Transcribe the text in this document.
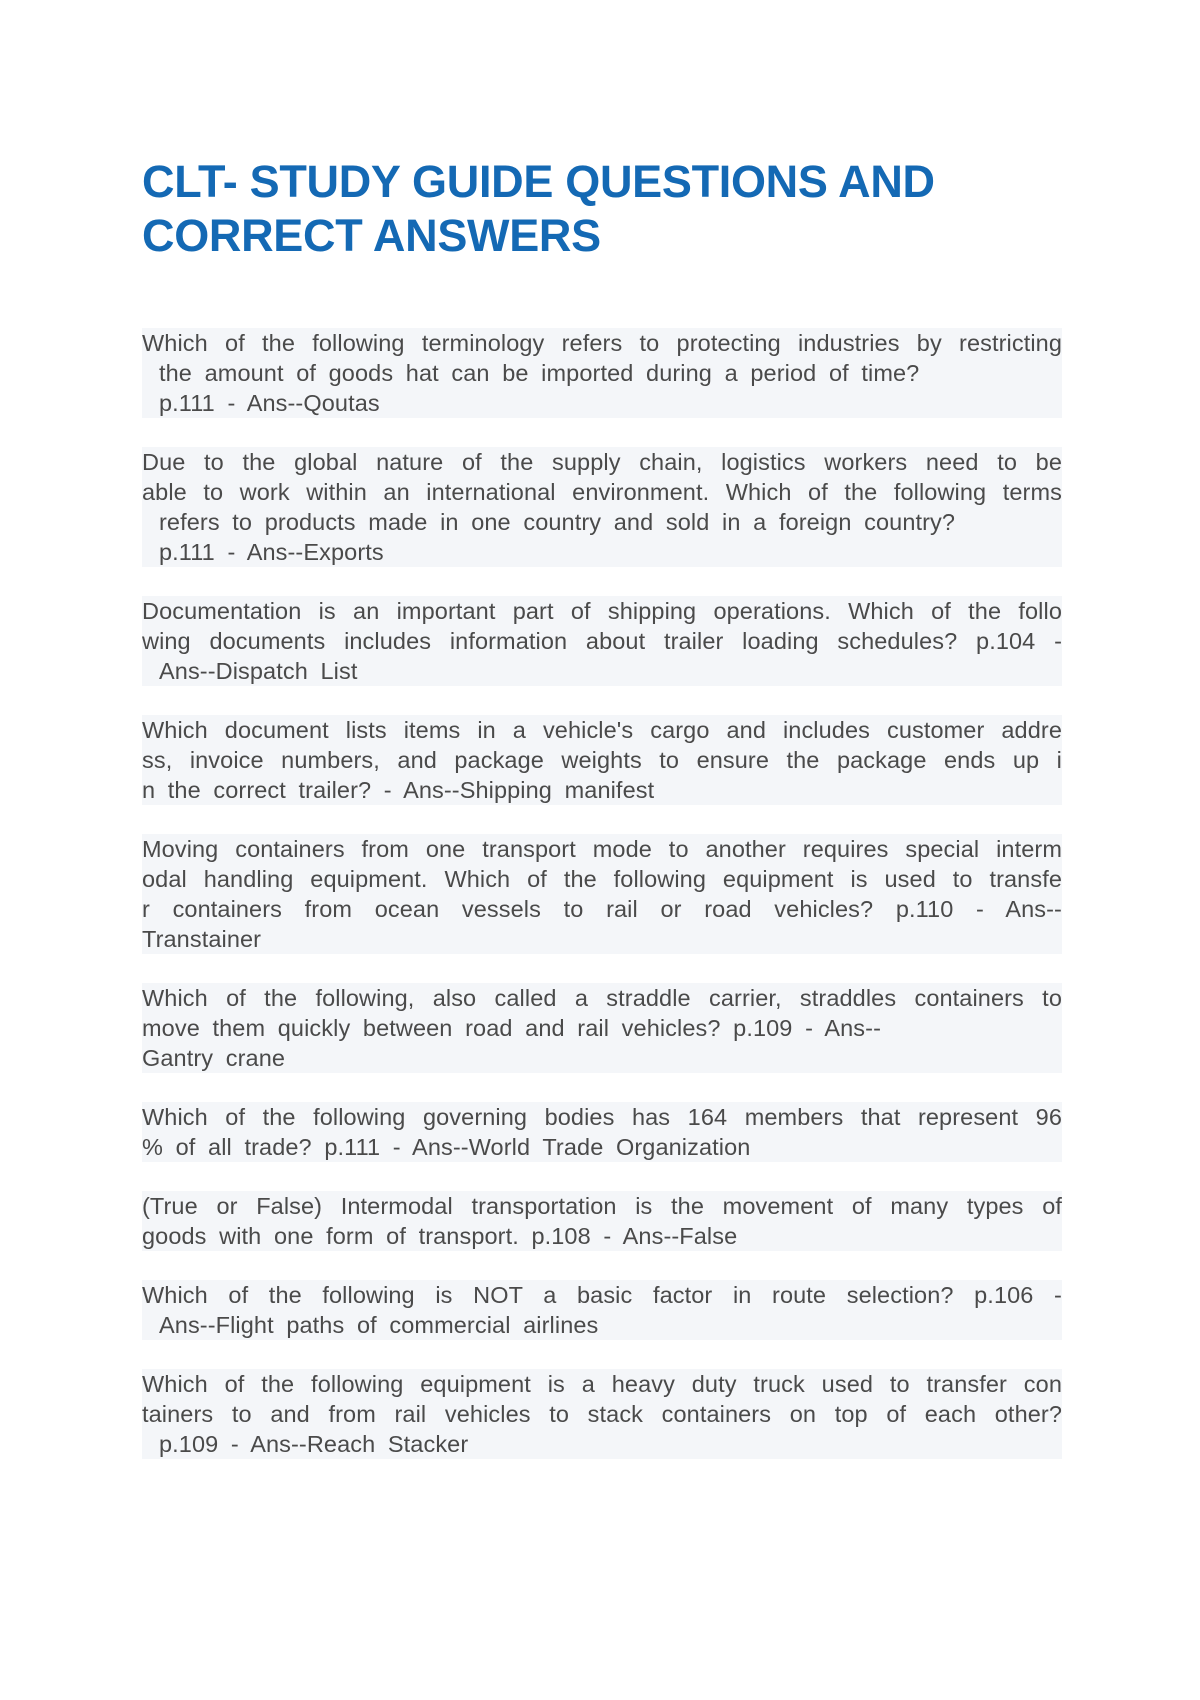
CLT- STUDY GUIDE QUESTIONS AND
CORRECT ANSWERS
Which of the following terminology refers to protecting industries by restricting
the amount of goods hat can be imported during a period of time?
p.111 - Ans--Qoutas
Due to the global nature of the supply chain, logistics workers need to be
able to work within an international environment. Which of the following terms
refers to products made in one country and sold in a foreign country?
p.111 - Ans--Exports
Documentation is an important part of shipping operations. Which of the follo
wing documents includes information about trailer loading schedules? p.104 -
Ans--Dispatch List
Which document lists items in a vehicle's cargo and includes customer addre
ss, invoice numbers, and package weights to ensure the package ends up i
n the correct trailer? - Ans--Shipping manifest
Moving containers from one transport mode to another requires special interm
odal handling equipment. Which of the following equipment is used to transfe
r containers from ocean vessels to rail or road vehicles? p.110 - Ans--
Transtainer
Which of the following, also called a straddle carrier, straddles containers to
move them quickly between road and rail vehicles? p.109 - Ans--
Gantry crane
Which of the following governing bodies has 164 members that represent 96
% of all trade? p.111 - Ans--World Trade Organization
(True or False) Intermodal transportation is the movement of many types of
goods with one form of transport. p.108 - Ans--False
Which of the following is NOT a basic factor in route selection? p.106 -
Ans--Flight paths of commercial airlines
Which of the following equipment is a heavy duty truck used to transfer con
tainers to and from rail vehicles to stack containers on top of each other?
p.109 - Ans--Reach Stacker
